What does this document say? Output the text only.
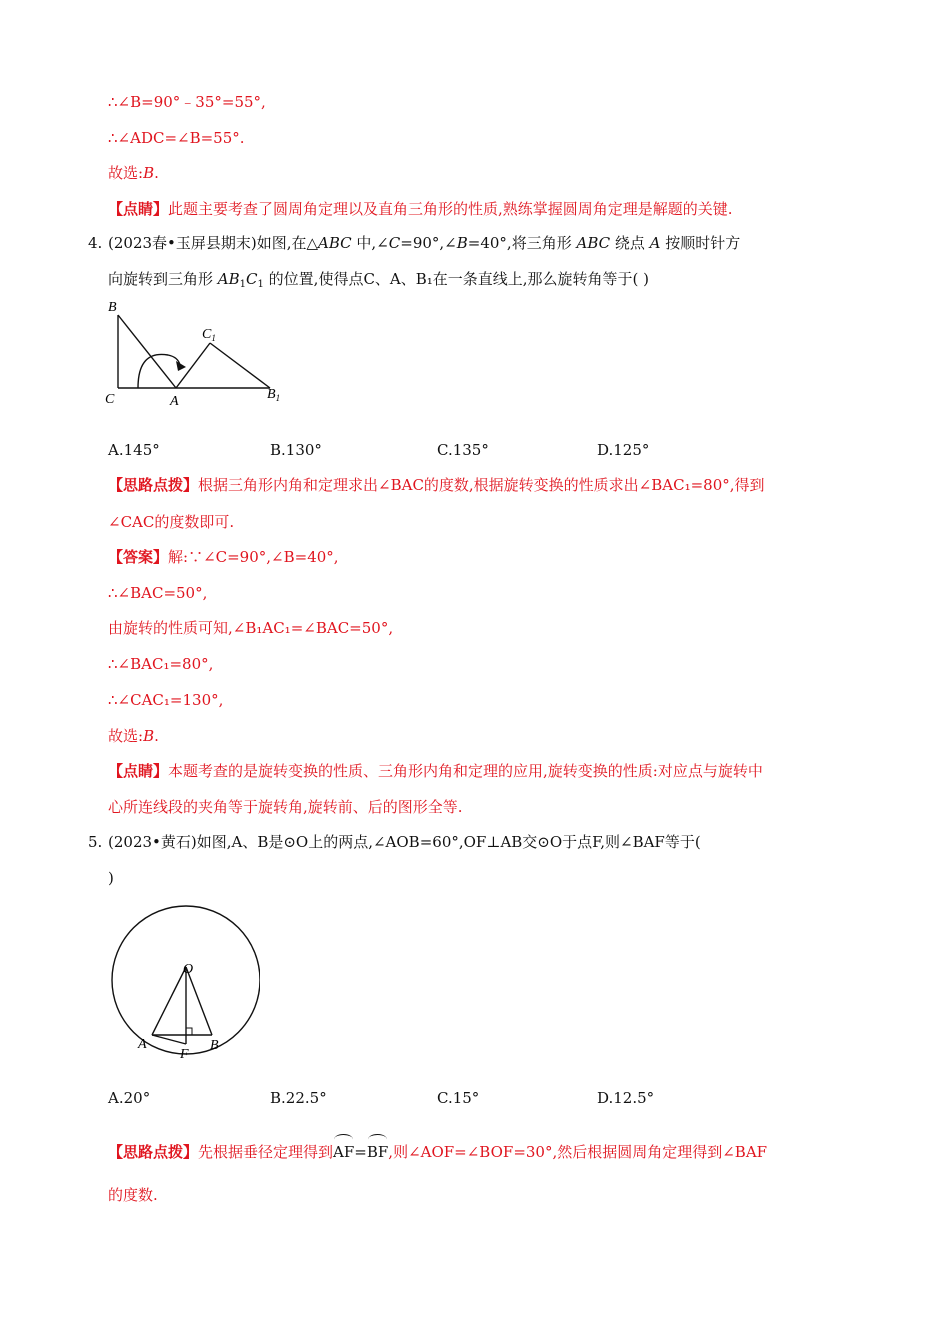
∴∠B=90°﹣35°=55°,
∴∠ADC=∠B=55°.
故选:B.
【点睛】此题主要考查了圆周角定理以及直角三角形的性质,熟练掌握圆周角定理是解题的关键.
4. (2023春•玉屏县期末)如图,在△ABC 中,∠C=90°,∠B=40°,将三角形 ABC 绕点 A 按顺时针方
向旋转到三角形 $AB_1C_1$ 的位置,使得点C、A、B₁在一条直线上,那么旋转角等于( )
B
C	A
$C_1$
$B_1$
A.145°	B.130°	C.135°	D.125°
【思路点拨】根据三角形内角和定理求出∠BAC的度数,根据旋转变换的性质求出∠BAC₁=80°,得到
∠CAC的度数即可.
【答案】解:∵∠C=90°,∠B=40°,
∴∠BAC=50°,
由旋转的性质可知,∠B₁AC₁=∠BAC=50°,
∴∠BAC₁=80°,
∴∠CAC₁=130°,
故选:B.
【点睛】本题考查的是旋转变换的性质、三角形内角和定理的应用,旋转变换的性质:对应点与旋转中
心所连线段的夹角等于旋转角,旋转前、后的图形全等.
5. (2023•黄石)如图,A、B是⊙O上的两点,∠AOB=60°,OF⊥AB交⊙O于点F,则∠BAF等于(
)
O
A
F
B
A.20°	B.22.5°	C.15°	D.12.5°
【思路点拨】先根据垂径定理得到AF=BF,则∠AOF=∠BOF=30°,然后根据圆周角定理得到∠BAF
的度数.
